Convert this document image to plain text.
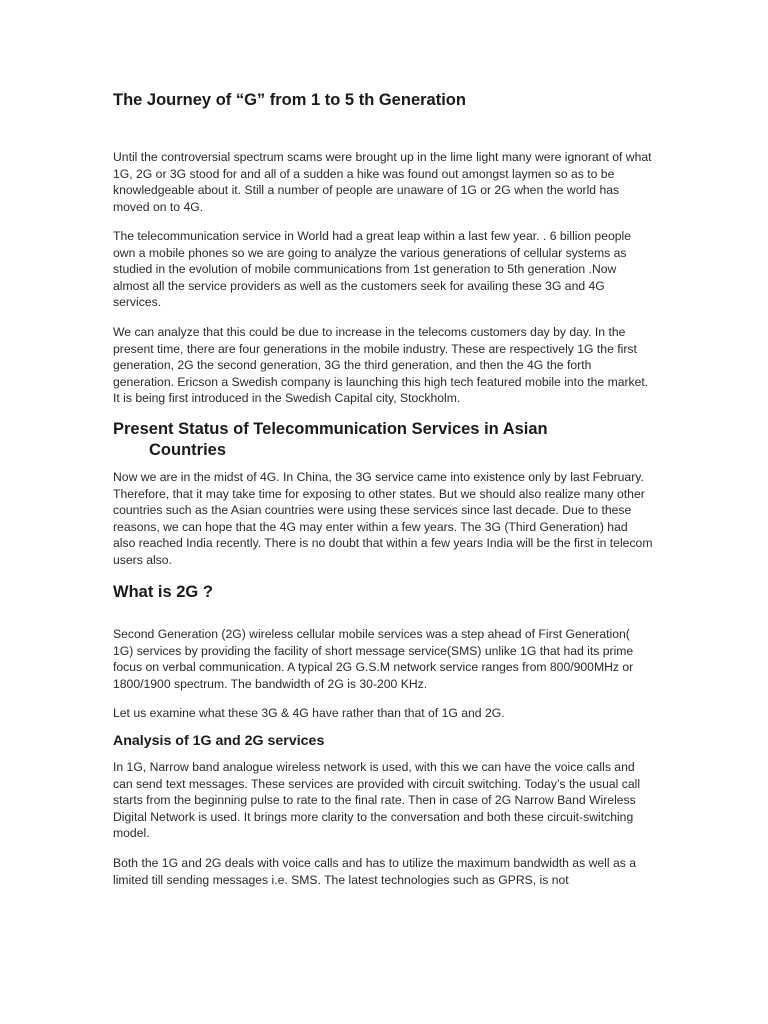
The Journey of “G” from 1 to 5 th Generation

Until the controversial spectrum scams were brought up in the lime light many were ignorant of what 1G, 2G or 3G stood for and all of a sudden a hike was found out amongst laymen so as to be knowledgeable about it. Still a number of people are unaware of 1G or 2G when the world has moved on to 4G.

The telecommunication service in World had a great leap within a last few year. . 6 billion people own a mobile phones so we are going to analyze the various generations of cellular systems as studied in the evolution of mobile communications from 1st generation to 5th generation .Now almost all the service providers as well as the customers seek for availing these 3G and 4G services.

We can analyze that this could be due to increase in the telecoms customers day by day. In the present time, there are four generations in the mobile industry. These are respectively 1G the first generation, 2G the second generation, 3G the third generation, and then the 4G the forth generation. Ericson a Swedish company is launching this high tech featured mobile into the market. It is being first introduced in the Swedish Capital city, Stockholm.

Present Status of Telecommunication Services in Asian
Countries

Now we are in the midst of 4G. In China, the 3G service came into existence only by last February. Therefore, that it may take time for exposing to other states. But we should also realize many other countries such as the Asian countries were using these services since last decade. Due to these reasons, we can hope that the 4G may enter within a few years. The 3G (Third Generation) had also reached India recently. There is no doubt that within a few years India will be the first in telecom users also.

What is 2G ?

Second Generation (2G) wireless cellular mobile services was a step ahead of First Generation( 1G) services by providing the facility of short message service(SMS) unlike 1G that had its prime focus on verbal communication. A typical 2G G.S.M network service ranges from 800/900MHz or 1800/1900 spectrum. The bandwidth of 2G is 30-200 KHz.

Let us examine what these 3G & 4G have rather than that of 1G and 2G.

Analysis of 1G and 2G services

In 1G, Narrow band analogue wireless network is used, with this we can have the voice calls and can send text messages. These services are provided with circuit switching. Today’s the usual call starts from the beginning pulse to rate to the final rate. Then in case of 2G Narrow Band Wireless Digital Network is used. It brings more clarity to the conversation and both these circuit-switching model.

Both the 1G and 2G deals with voice calls and has to utilize the maximum bandwidth as well as a limited till sending messages i.e. SMS. The latest technologies such as GPRS, is not
